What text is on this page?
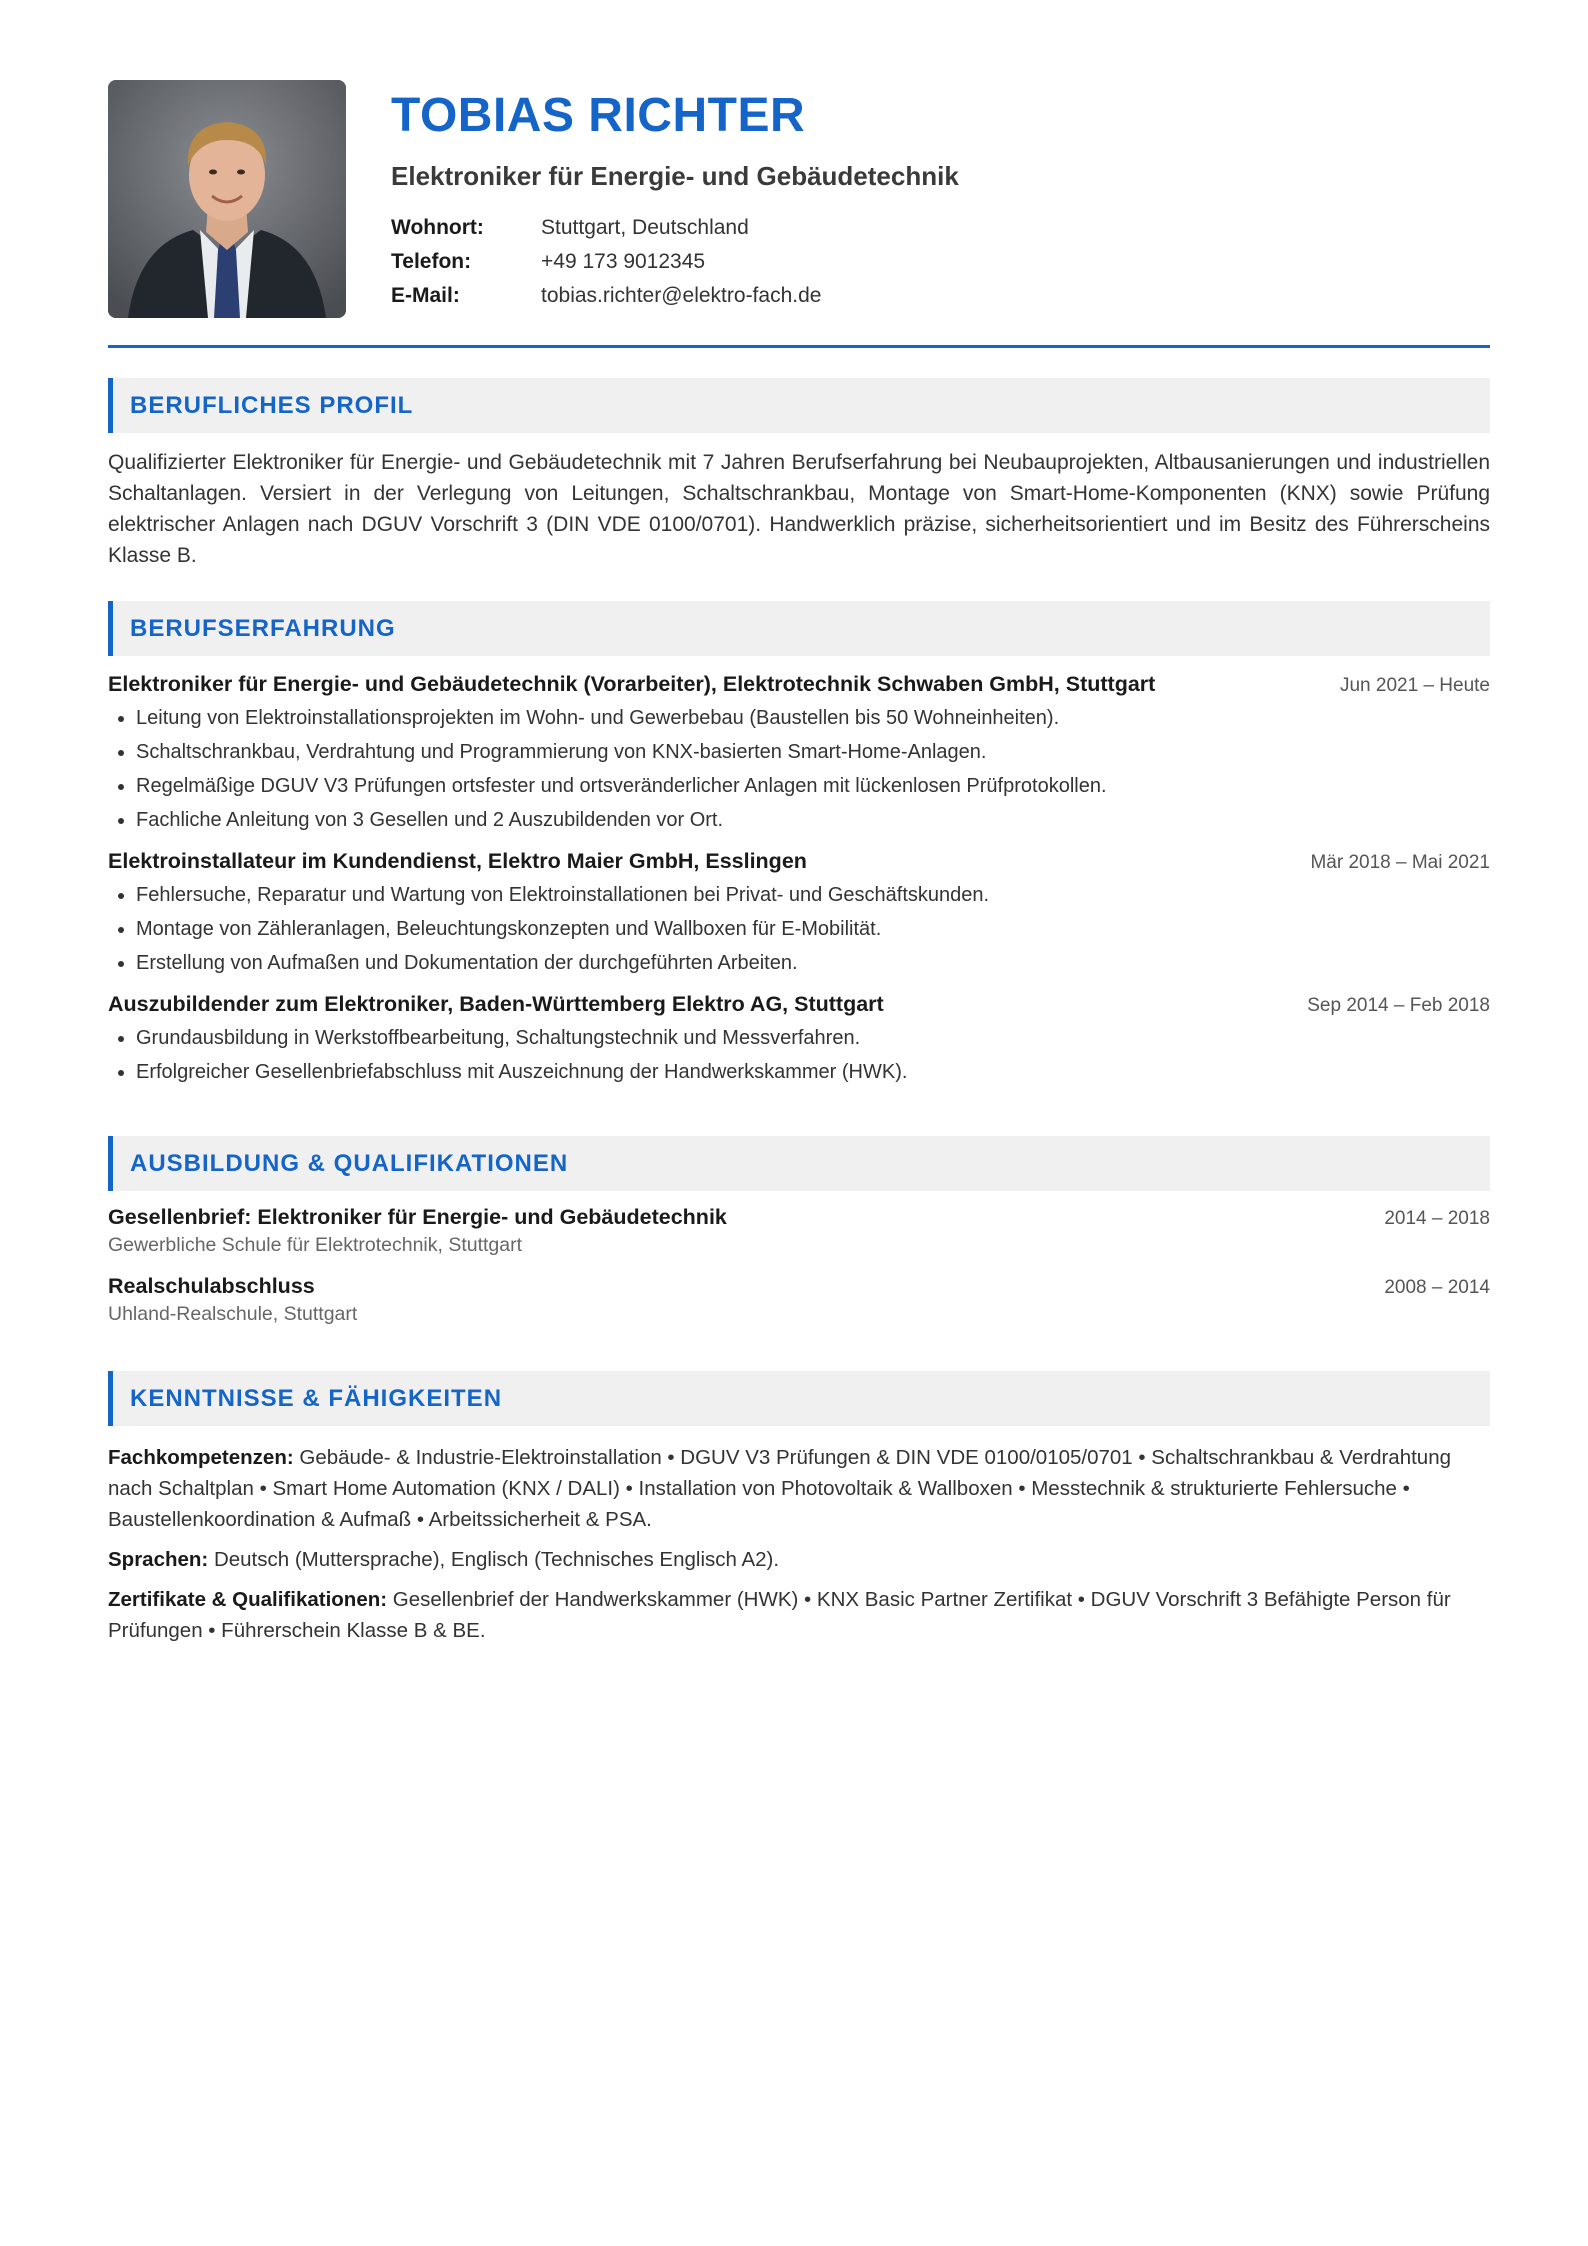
TOBIAS RICHTER
Elektroniker für Energie- und Gebäudetechnik
Wohnort:	Stuttgart, Deutschland
Telefon:	+49 173 9012345
E-Mail:	tobias.richter@elektro-fach.de
BERUFLICHES PROFIL
Qualifizierter Elektroniker für Energie- und Gebäudetechnik mit 7 Jahren Berufserfahrung bei Neubauprojekten, Altbausanierungen und industriellen Schaltanlagen. Versiert in der Verlegung von Leitungen, Schaltschrankbau, Montage von Smart-Home-Komponenten (KNX) sowie Prüfung elektrischer Anlagen nach DGUV Vorschrift 3 (DIN VDE 0100/0701). Handwerklich präzise, sicherheitsorientiert und im Besitz des Führerscheins Klasse B.
BERUFSERFAHRUNG
Elektroniker für Energie- und Gebäudetechnik (Vorarbeiter), Elektrotechnik Schwaben GmbH, Stuttgart	Jun 2021 – Heute
• Leitung von Elektroinstallationsprojekten im Wohn- und Gewerbebau (Baustellen bis 50 Wohneinheiten).
• Schaltschrankbau, Verdrahtung und Programmierung von KNX-basierten Smart-Home-Anlagen.
• Regelmäßige DGUV V3 Prüfungen ortsfester und ortsveränderlicher Anlagen mit lückenlosen Prüfprotokollen.
• Fachliche Anleitung von 3 Gesellen und 2 Auszubildenden vor Ort.
Elektroinstallateur im Kundendienst, Elektro Maier GmbH, Esslingen	Mär 2018 – Mai 2021
• Fehlersuche, Reparatur und Wartung von Elektroinstallationen bei Privat- und Geschäftskunden.
• Montage von Zähleranlagen, Beleuchtungskonzepten und Wallboxen für E-Mobilität.
• Erstellung von Aufmaßen und Dokumentation der durchgeführten Arbeiten.
Auszubildender zum Elektroniker, Baden-Württemberg Elektro AG, Stuttgart	Sep 2014 – Feb 2018
• Grundausbildung in Werkstoffbearbeitung, Schaltungstechnik und Messverfahren.
• Erfolgreicher Gesellenbriefabschluss mit Auszeichnung der Handwerkskammer (HWK).
AUSBILDUNG & QUALIFIKATIONEN
Gesellenbrief: Elektroniker für Energie- und Gebäudetechnik	2014 – 2018
Gewerbliche Schule für Elektrotechnik, Stuttgart
Realschulabschluss	2008 – 2014
Uhland-Realschule, Stuttgart
KENNTNISSE & FÄHIGKEITEN
Fachkompetenzen: Gebäude- & Industrie-Elektroinstallation • DGUV V3 Prüfungen & DIN VDE 0100/0105/0701 • Schaltschrankbau & Verdrahtung nach Schaltplan • Smart Home Automation (KNX / DALI) • Installation von Photovoltaik & Wallboxen • Messtechnik & strukturierte Fehlersuche • Baustellenkoordination & Aufmaß • Arbeitssicherheit & PSA.
Sprachen: Deutsch (Muttersprache), Englisch (Technisches Englisch A2).
Zertifikate & Qualifikationen: Gesellenbrief der Handwerkskammer (HWK) • KNX Basic Partner Zertifikat • DGUV Vorschrift 3 Befähigte Person für Prüfungen • Führerschein Klasse B & BE.
